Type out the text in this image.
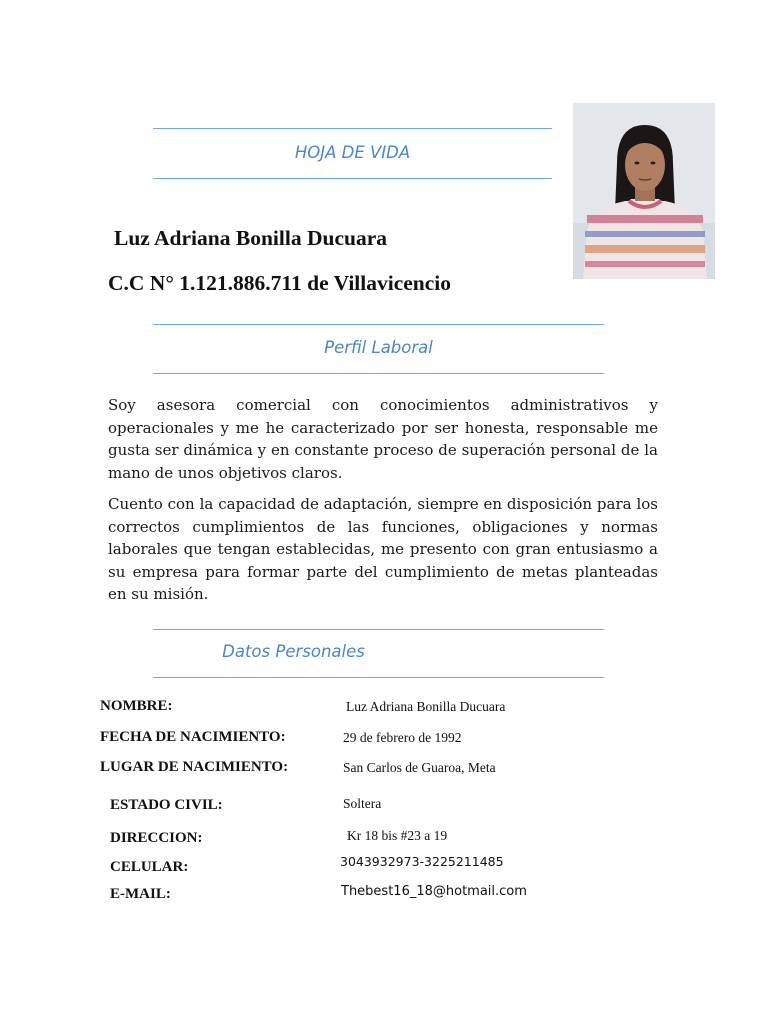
HOJA DE VIDA
Luz Adriana Bonilla Ducuara
C.C N° 1.121.886.711 de Villavicencio
Perfil Laboral
Soy asesora comercial con conocimientos administrativos y operacionales y me he caracterizado por ser honesta, responsable me gusta ser dinámica y en constante proceso de superación personal de la mano de unos objetivos claros.
Cuento con la capacidad de adaptación, siempre en disposición para los correctos cumplimientos de las funciones, obligaciones y normas laborales que tengan establecidas, me presento con gran entusiasmo a su empresa para formar parte del cumplimiento de metas planteadas en su misión.
Datos Personales
NOMBRE:	Luz Adriana Bonilla Ducuara
FECHA DE NACIMIENTO:	29 de febrero de 1992
LUGAR DE NACIMIENTO:	San Carlos de Guaroa, Meta
ESTADO CIVIL:	Soltera
DIRECCION:	Kr 18 bis #23 a 19
CELULAR:	3043932973-3225211485
E-MAIL:	Thebest16_18@hotmail.com
